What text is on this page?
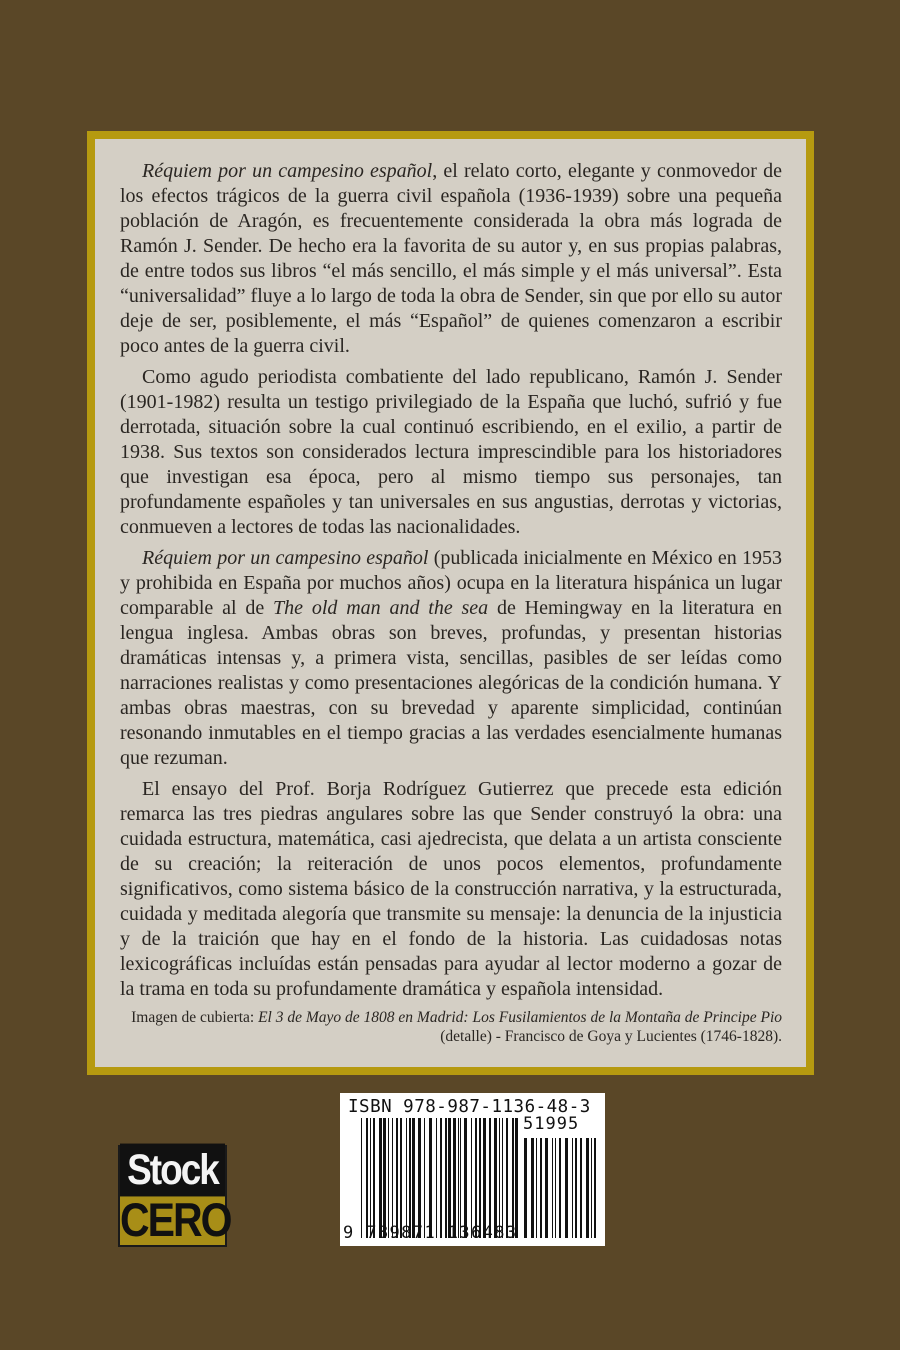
Réquiem por un campesino español, el relato corto, elegante y conmovedor de los efectos trágicos de la guerra civil española (1936-1939) sobre una pequeña población de Aragón, es frecuentemente considerada la obra más lograda de Ramón J. Sender. De hecho era la favorita de su autor y, en sus propias palabras, de entre todos sus libros “el más sencillo, el más simple y el más universal”. Esta “universalidad” fluye a lo largo de toda la obra de Sender, sin que por ello su autor deje de ser, posiblemente, el más “Español” de quienes comenzaron a escribir poco antes de la guerra civil.

Como agudo periodista combatiente del lado republicano, Ramón J. Sender (1901-1982) resulta un testigo privilegiado de la España que luchó, sufrió y fue derrotada, situación sobre la cual continuó escribiendo, en el exilio, a partir de 1938. Sus textos son considerados lectura imprescindible para los historiadores que investigan esa época, pero al mismo tiempo sus personajes, tan profundamente españoles y tan universales en sus angustias, derrotas y victorias, conmueven a lectores de todas las nacionalidades.

Réquiem por un campesino español (publicada inicialmente en México en 1953 y prohibida en España por muchos años) ocupa en la literatura hispánica un lugar comparable al de The old man and the sea de Hemingway en la literatura en lengua inglesa. Ambas obras son breves, profundas, y presentan historias dramáticas intensas y, a primera vista, sencillas, pasibles de ser leídas como narraciones realistas y como presentaciones alegóricas de la condición humana. Y ambas obras maestras, con su brevedad y aparente simplicidad, continúan resonando inmutables en el tiempo gracias a las verdades esencialmente humanas que rezuman.

El ensayo del Prof. Borja Rodríguez Gutierrez que precede esta edición remarca las tres piedras angulares sobre las que Sender construyó la obra: una cuidada estructura, matemática, casi ajedrecista, que delata a un artista consciente de su creación; la reiteración de unos pocos elementos, profundamente significativos, como sistema básico de la construcción narrativa, y la estructurada, cuidada y meditada alegoría que transmite su mensaje: la denuncia de la injusticia y de la traición que hay en el fondo de la historia. Las cuidadosas notas lexicográficas incluídas están pensadas para ayudar al lector moderno a gozar de la trama en toda su profundamente dramática y española intensidad.

Imagen de cubierta: El 3 de Mayo de 1808 en Madrid: Los Fusilamientos de la Montaña de Principe Pio (detalle) - Francisco de Goya y Lucientes (1746-1828).
Stock
CERO
ISBN 978-987-1136-48-3
51995
9 789871 136483
